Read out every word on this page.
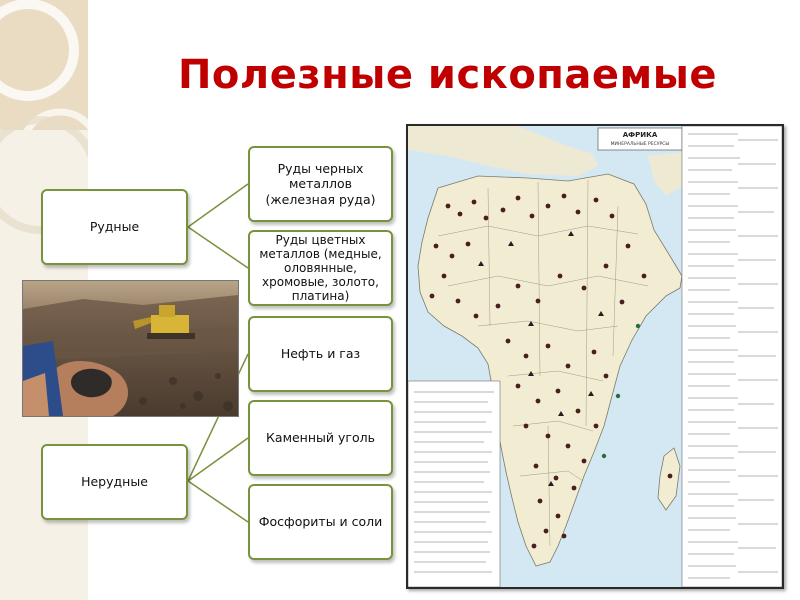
Полезные ископаемые
Рудные
Нерудные
Руды черных
металлов
(железная руда)
Руды цветных
металлов (медные,
оловянные,
хромовые, золото,
платина)
Нефть и газ
Каменный уголь
Фосфориты и соли
АФРИКА
МИНЕРАЛЬНЫЕ РЕСУРСЫ
